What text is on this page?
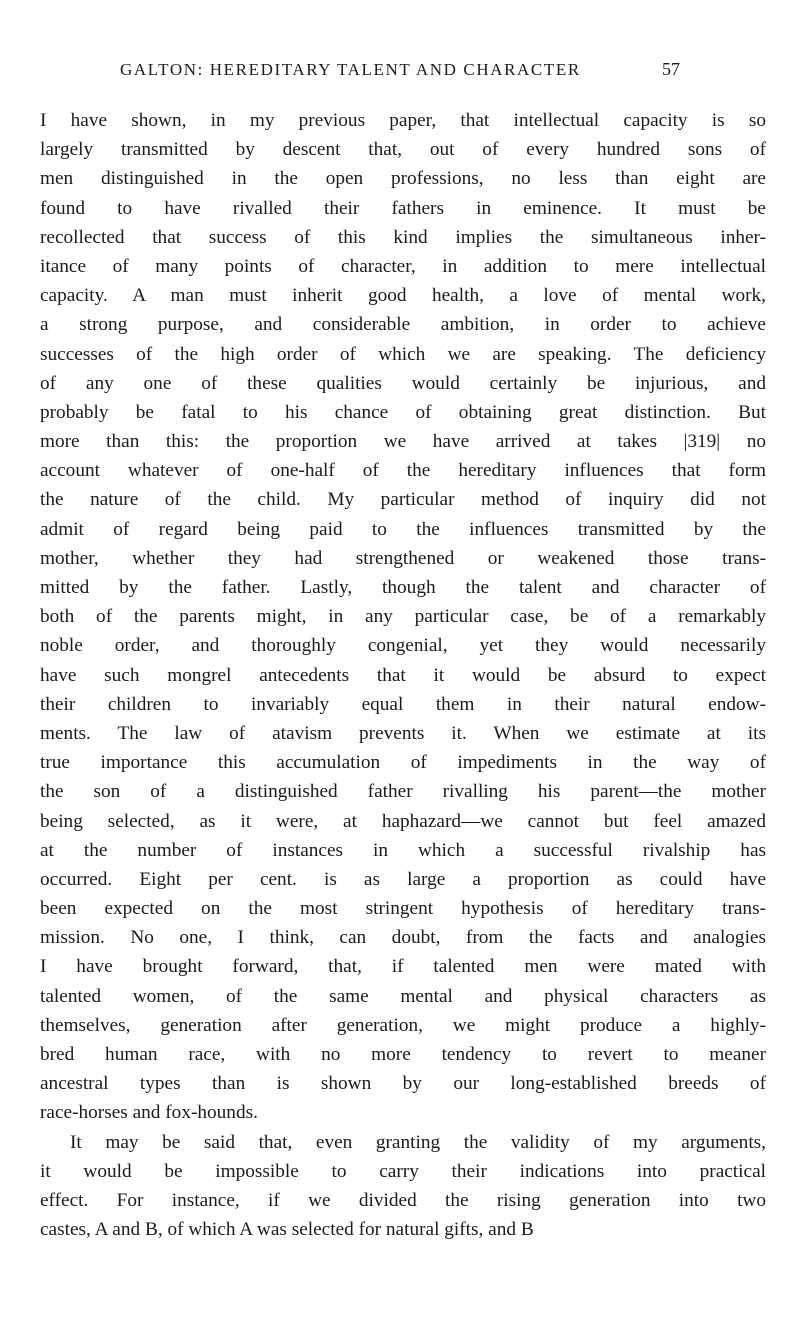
GALTON: HEREDITARY TALENT AND CHARACTER	57
I have shown, in my previous paper, that intellectual capacity is so
largely transmitted by descent that, out of every hundred sons of
men distinguished in the open professions, no less than eight are
found to have rivalled their fathers in eminence. It must be
recollected that success of this kind implies the simultaneous inher-
itance of many points of character, in addition to mere intellectual
capacity. A man must inherit good health, a love of mental work,
a strong purpose, and considerable ambition, in order to achieve
successes of the high order of which we are speaking. The deficiency
of any one of these qualities would certainly be injurious, and
probably be fatal to his chance of obtaining great distinction. But
more than this: the proportion we have arrived at takes |319| no
account whatever of one-half of the hereditary influences that form
the nature of the child. My particular method of inquiry did not
admit of regard being paid to the influences transmitted by the
mother, whether they had strengthened or weakened those trans-
mitted by the father. Lastly, though the talent and character of
both of the parents might, in any particular case, be of a remarkably
noble order, and thoroughly congenial, yet they would necessarily
have such mongrel antecedents that it would be absurd to expect
their children to invariably equal them in their natural endow-
ments. The law of atavism prevents it. When we estimate at its
true importance this accumulation of impediments in the way of
the son of a distinguished father rivalling his parent—the mother
being selected, as it were, at haphazard—we cannot but feel amazed
at the number of instances in which a successful rivalship has
occurred. Eight per cent. is as large a proportion as could have
been expected on the most stringent hypothesis of hereditary trans-
mission. No one, I think, can doubt, from the facts and analogies
I have brought forward, that, if talented men were mated with
talented women, of the same mental and physical characters as
themselves, generation after generation, we might produce a highly-
bred human race, with no more tendency to revert to meaner
ancestral types than is shown by our long-established breeds of
race-horses and fox-hounds.
It may be said that, even granting the validity of my arguments,
it would be impossible to carry their indications into practical
effect. For instance, if we divided the rising generation into two
castes, A and B, of which A was selected for natural gifts, and B
